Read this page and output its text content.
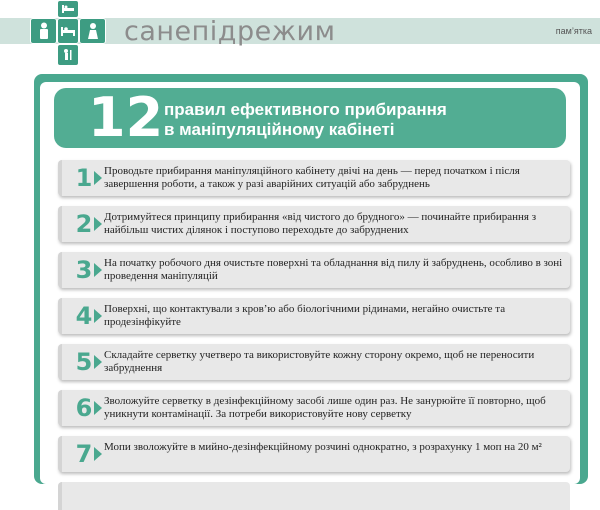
санепідрежим	пам’ятка
12 правил ефективного прибирання
в маніпуляційному кабінеті
1	Проводьте прибирання маніпуляційного кабінету двічі на день — перед початком і після завершення роботи, а також у разі аварійних ситуацій або забруднень
2	Дотримуйтеся принципу прибирання «від чистого до брудного» — починайте прибирання з найбільш чистих ділянок і поступово переходьте до забруднених
3	На початку робочого дня очистьте поверхні та обладнання від пилу й забруднень, особливо в зоні проведення маніпуляцій
4	Поверхні, що контактували з кров’ю або біологічними рідинами, негайно очистьте та продезінфікуйте
5	Складайте серветку учетверо та використовуйте кожну сторону окремо, щоб не переносити забруднення
6	Зволожуйте серветку в дезінфекційному засобі лише один раз. Не занурюйте її повторно, щоб уникнути контамінації. За потреби використовуйте нову серветку
7	Мопи зволожуйте в мийно-дезінфекційному розчині однократно, з розрахунку 1 моп на 20 м²
